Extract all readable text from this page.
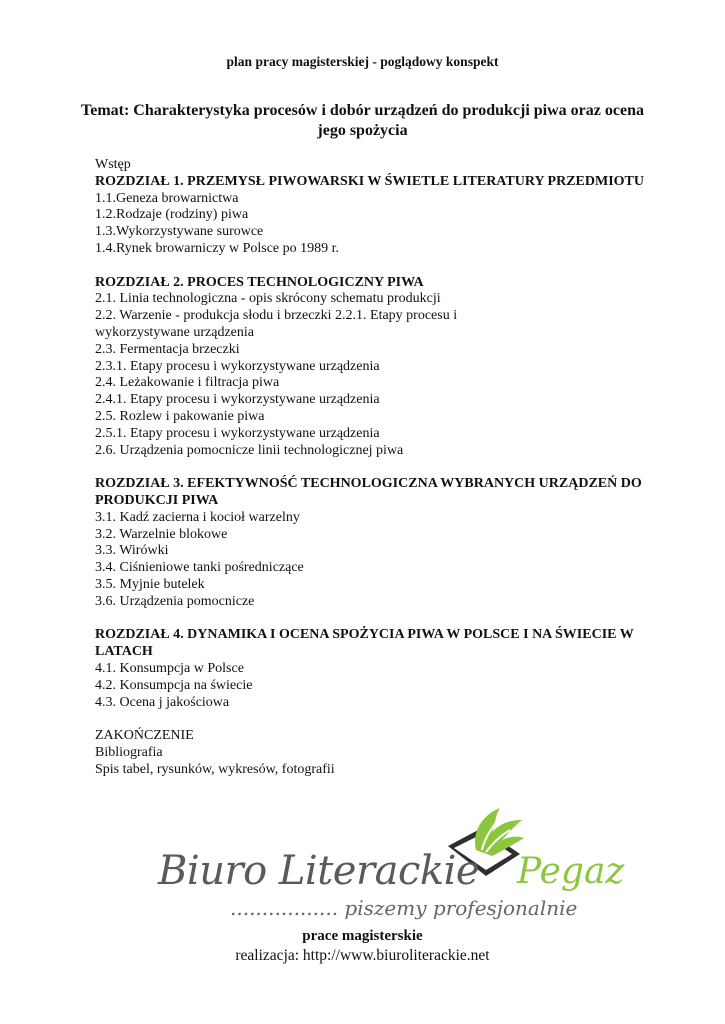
plan pracy magisterskiej - poglądowy konspekt
Temat: Charakterystyka procesów i dobór urządzeń do produkcji piwa oraz ocena jego spożycia
Wstęp
ROZDZIAŁ 1. PRZEMYSŁ PIWOWARSKI W ŚWIETLE LITERATURY PRZEDMIOTU
1.1.Geneza browarnictwa
1.2.Rodzaje (rodziny) piwa
1.3.Wykorzystywane surowce
1.4.Rynek browarniczy w Polsce po 1989 r.
ROZDZIAŁ 2. PROCES TECHNOLOGICZNY PIWA
2.1. Linia technologiczna - opis skrócony schematu produkcji
2.2. Warzenie - produkcja słodu i brzeczki 2.2.1. Etapy procesu i wykorzystywane urządzenia
2.3. Fermentacja brzeczki
2.3.1. Etapy procesu i wykorzystywane urządzenia
2.4. Leżakowanie i filtracja piwa
2.4.1. Etapy procesu i wykorzystywane urządzenia
2.5. Rozlew i pakowanie piwa
2.5.1. Etapy procesu i wykorzystywane urządzenia
2.6. Urządzenia pomocnicze linii technologicznej piwa
ROZDZIAŁ 3. EFEKTYWNOŚĆ TECHNOLOGICZNA WYBRANYCH URZĄDZEŃ DO PRODUKCJI PIWA
3.1. Kadź zacierna i kocioł warzelny
3.2. Warzelnie blokowe
3.3. Wirówki
3.4. Ciśnieniowe tanki pośredniczące
3.5. Myjnie butelek
3.6. Urządzenia pomocnicze
ROZDZIAŁ 4. DYNAMIKA I OCENA SPOŻYCIA PIWA W POLSCE I NA ŚWIECIE W LATACH
4.1. Konsumpcja w Polsce
4.2. Konsumpcja na świecie
4.3. Ocena j jakościowa
ZAKOŃCZENIE
Bibliografia
Spis tabel, rysunków, wykresów, fotografii
Biuro Literackie Pegaz
................. piszemy profesjonalnie
prace magisterskie
realizacja: http://www.biuroliterackie.net
